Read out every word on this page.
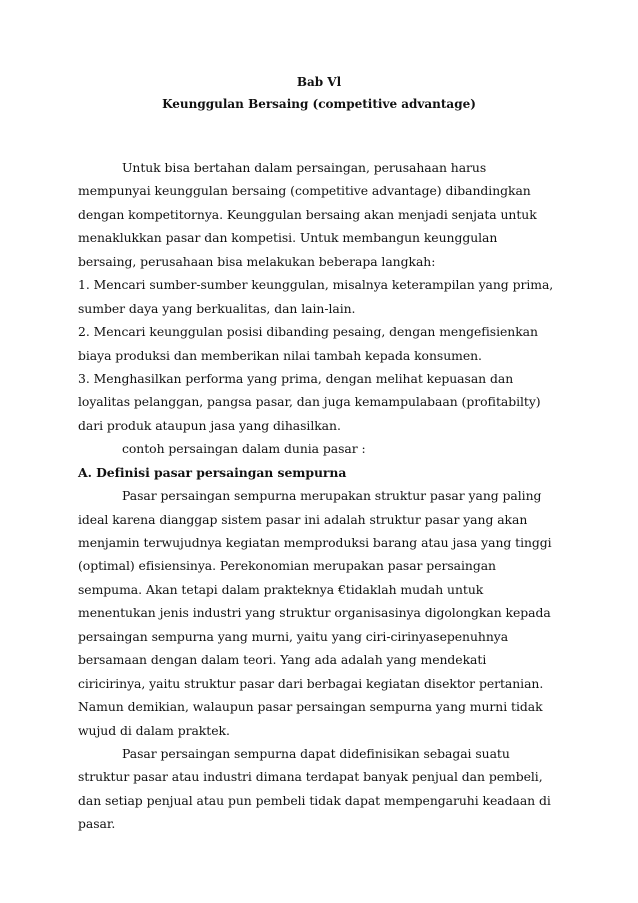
Bab Vl

Keunggulan Bersaing (competitive advantage)

Untuk bisa bertahan dalam persaingan, perusahaan harus
mempunyai keunggulan bersaing (competitive advantage) dibandingkan
dengan kompetitornya. Keunggulan bersaing akan menjadi senjata untuk
menaklukkan pasar dan kompetisi. Untuk membangun keunggulan
bersaing, perusahaan bisa melakukan beberapa langkah:
1. Mencari sumber-sumber keunggulan, misalnya keterampilan yang prima,
sumber daya yang berkualitas, dan lain-lain.
2. Mencari keunggulan posisi dibanding pesaing, dengan mengefisienkan
biaya produksi dan memberikan nilai tambah kepada konsumen.
3. Menghasilkan performa yang prima, dengan melihat kepuasan dan
loyalitas pelanggan, pangsa pasar, dan juga kemampulabaan (profitabilty)
dari produk ataupun jasa yang dihasilkan.
contoh persaingan dalam dunia pasar :
A. Definisi pasar persaingan sempurna
Pasar persaingan sempurna merupakan struktur pasar yang paling
ideal karena dianggap sistem pasar ini adalah struktur pasar yang akan
menjamin terwujudnya kegiatan memproduksi barang atau jasa yang tinggi
(optimal) efisiensinya. Perekonomian merupakan pasar persaingan
sempuma. Akan tetapi dalam prakteknya €tidaklah mudah untuk
menentukan jenis industri yang struktur organisasinya digolongkan kepada
persaingan sempurna yang murni, yaitu yang ciri-cirinyasepenuhnya
bersamaan dengan dalam teori. Yang ada adalah yang mendekati
ciricirinya, yaitu struktur pasar dari berbagai kegiatan disektor pertanian.
Namun demikian, walaupun pasar persaingan sempurna yang murni tidak
wujud di dalam praktek.
Pasar persaingan sempurna dapat didefinisikan sebagai suatu
struktur pasar atau industri dimana terdapat banyak penjual dan pembeli,
dan setiap penjual atau pun pembeli tidak dapat mempengaruhi keadaan di
pasar.
